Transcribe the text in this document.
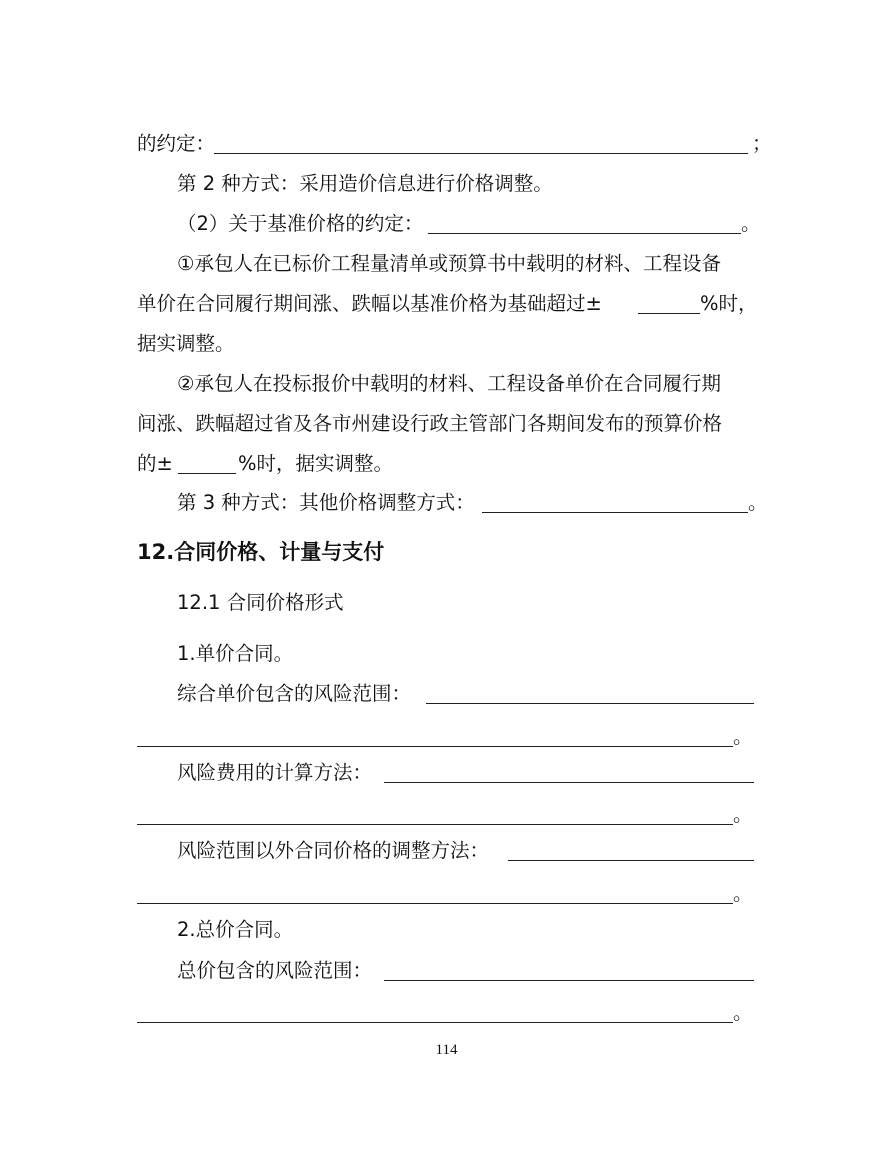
的约定：	；
第 2 种方式：采用造价信息进行价格调整。
（2）关于基准价格的约定：	。
①承包人在已标价工程量清单或预算书中载明的材料、工程设备
单价在合同履行期间涨、跌幅以基准价格为基础超过±	%时，
据实调整。
②承包人在投标报价中载明的材料、工程设备单价在合同履行期
间涨、跌幅超过省及各市州建设行政主管部门各期间发布的预算价格
的±	%时，据实调整。
第 3 种方式：其他价格调整方式：	。
12.合同价格、计量与支付
12.1 合同价格形式
1.单价合同。
综合单价包含的风险范围：
。
风险费用的计算方法：
。
风险范围以外合同价格的调整方法：
。
2.总价合同。
总价包含的风险范围：
。
114
